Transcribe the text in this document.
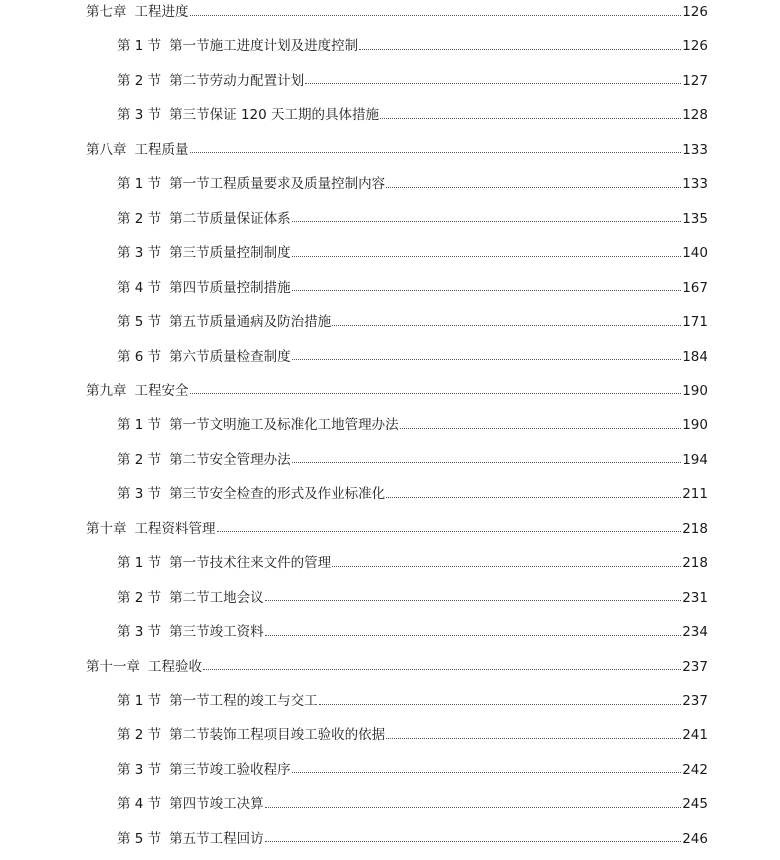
第七章 工程进度	126
第 1 节 第一节施工进度计划及进度控制	126
第 2 节 第二节劳动力配置计划	127
第 3 节 第三节保证 120 天工期的具体措施	128
第八章 工程质量	133
第 1 节 第一节工程质量要求及质量控制内容	133
第 2 节 第二节质量保证体系	135
第 3 节 第三节质量控制制度	140
第 4 节 第四节质量控制措施	167
第 5 节 第五节质量通病及防治措施	171
第 6 节 第六节质量检查制度	184
第九章 工程安全	190
第 1 节 第一节文明施工及标准化工地管理办法	190
第 2 节 第二节安全管理办法	194
第 3 节 第三节安全检查的形式及作业标准化	211
第十章 工程资料管理	218
第 1 节 第一节技术往来文件的管理	218
第 2 节 第二节工地会议	231
第 3 节 第三节竣工资料	234
第十一章 工程验收	237
第 1 节 第一节工程的竣工与交工	237
第 2 节 第二节装饰工程项目竣工验收的依据	241
第 3 节 第三节竣工验收程序	242
第 4 节 第四节竣工决算	245
第 5 节 第五节工程回访	246
